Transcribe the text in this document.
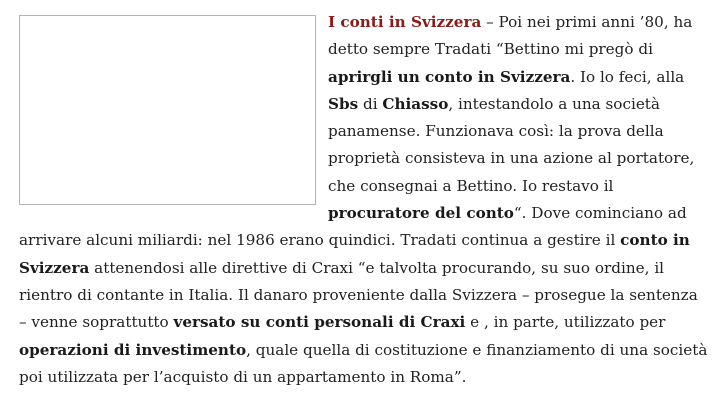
I conti in Svizzera – Poi nei primi anni ’80, ha detto sempre Tradati “Bettino mi pregò di aprirgli un conto in Svizzera. Io lo feci, alla Sbs di Chiasso, intestandolo a una società panamense. Funzionava così: la prova della proprietà consisteva in una azione al portatore, che consegnai a Bettino. Io restavo il procuratore del conto“. Dove cominciano ad arrivare alcuni miliardi: nel 1986 erano quindici. Tradati continua a gestire il conto in Svizzera attenendosi alle direttive di Craxi “e talvolta procurando, su suo ordine, il rientro di contante in Italia. Il danaro proveniente dalla Svizzera – prosegue la sentenza – venne soprattutto versato su conti personali di Craxi e , in parte, utilizzato per operazioni di investimento, quale quella di costituzione e finanziamento di una società poi utilizzata per l’acquisto di un appartamento in Roma”.
